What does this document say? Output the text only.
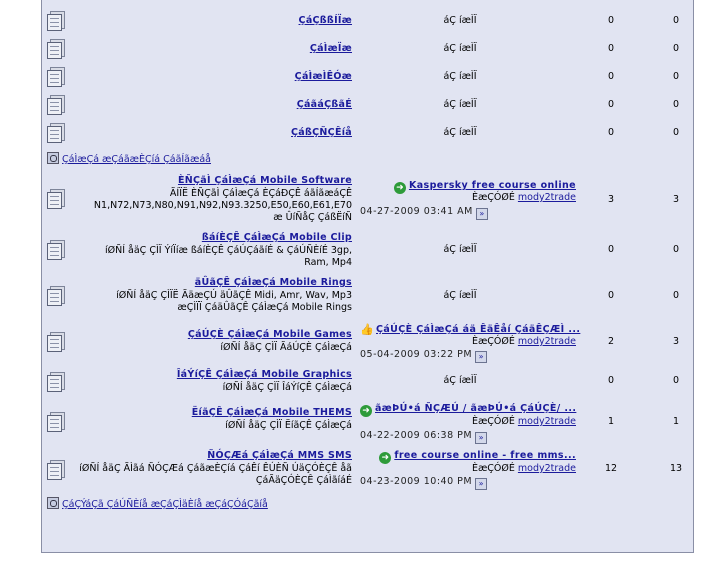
ÇáÇßßÍÏæ	áÇ íæÌÏ	0	0
ÇáÌæÏæ	áÇ íæÌÏ	0	0
ÇáÌæÌÊÓæ	áÇ íæÌÏ	0	0
ÇáãáÇßãÉ	áÇ íæÌÏ	0	0
ÇáßÇÑÇÊíå	áÇ íæÌÏ	0	0
ÇáÌæÇá æÇáãæÈÇíá ÇáãÍãæáå
ÈÑÇãÌ ÇáÌæÇá Mobile Software
ÃÍÏË ÈÑÇãÌ ÇáÌæÇá ÈÇáÐÇÊ áãÍãæáÇÊ
N1,N72,N73,N80,N91,N92,N93.3250,E50,E60,E61,E70
æ ÛíÑåÇ ÇáßËíÑ
➜ Kaspersky free course online
ÈæÇÓØÉ mody2trade
04-27-2009 03:41 AM »
3	3
ßáíÈÇÊ ÇáÌæÇá Mobile Clip
íØÑÍ åäÇ ÇÌÏ ÝíÏíæ ßáíÈÇÊ ÇáÚÇáãíÉ & ÇáÚÑÈíÉ 3gp,
Ram, Mp4
áÇ íæÌÏ	0	0
äÛãÇÊ ÇáÌæÇá Mobile Rings
íØÑÍ åäÇ ÇÌÏË ÃäæÇÚ äÛãÇÊ Midi, Amr, Wav, Mp3
æÇÌÏÏ ÇáäÛãÇÊ ÇáÌæÇá Mobile Rings
áÇ íæÌÏ	0	0
ÇáÚÇÈ ÇáÌæÇá Mobile Games
íØÑÍ åäÇ ÇÌÏ ÃáÚÇÈ ÇáÌæÇá
👍 ÇáÚÇÈ ÇáÌæÇá áä ÊäÊåí ÇáäÊÇÆÌ ...
ÈæÇÓØÉ mody2trade
05-04-2009 03:22 PM »
2	3
ÎáÝíÇÊ ÇáÌæÇá Mobile Graphics
íØÑÍ åäÇ ÇÌÏ ÎáÝíÇÊ ÇáÌæÇá
áÇ íæÌÏ	0	0
ËíãÇÊ ÇáÌæÇá Mobile THEMS
íØÑÍ åäÇ ÇÌÏ ËíãÇÊ ÇáÌæÇá
➜ ãæÞÚ•á ÑÇÆÚ / ãæÞÚ•á ÇáÚÇÈ/ ...
ÈæÇÓØÉ mody2trade
04-22-2009 06:38 PM »
1	1
ÑÓÇÆá ÇáÌæÇá MMS SMS
íØÑÍ åäÇ ÃÌãá ÑÓÇÆá ÇáãæÈÇíá ÇáÊí ÊÚÈÑ ÚäÇÓÈÇÊ åã
ÇáÃäÇÓÈÇÊ ÇáÌãíáÉ
➜ free course online - free mms...
ÈæÇÓØÉ mody2trade
04-23-2009 10:40 PM »
12	13
ÇáÇÝáÇã ÇáÚÑÈíå æÇáÇÌäÈíå æÇáÇÓáÇãíå
